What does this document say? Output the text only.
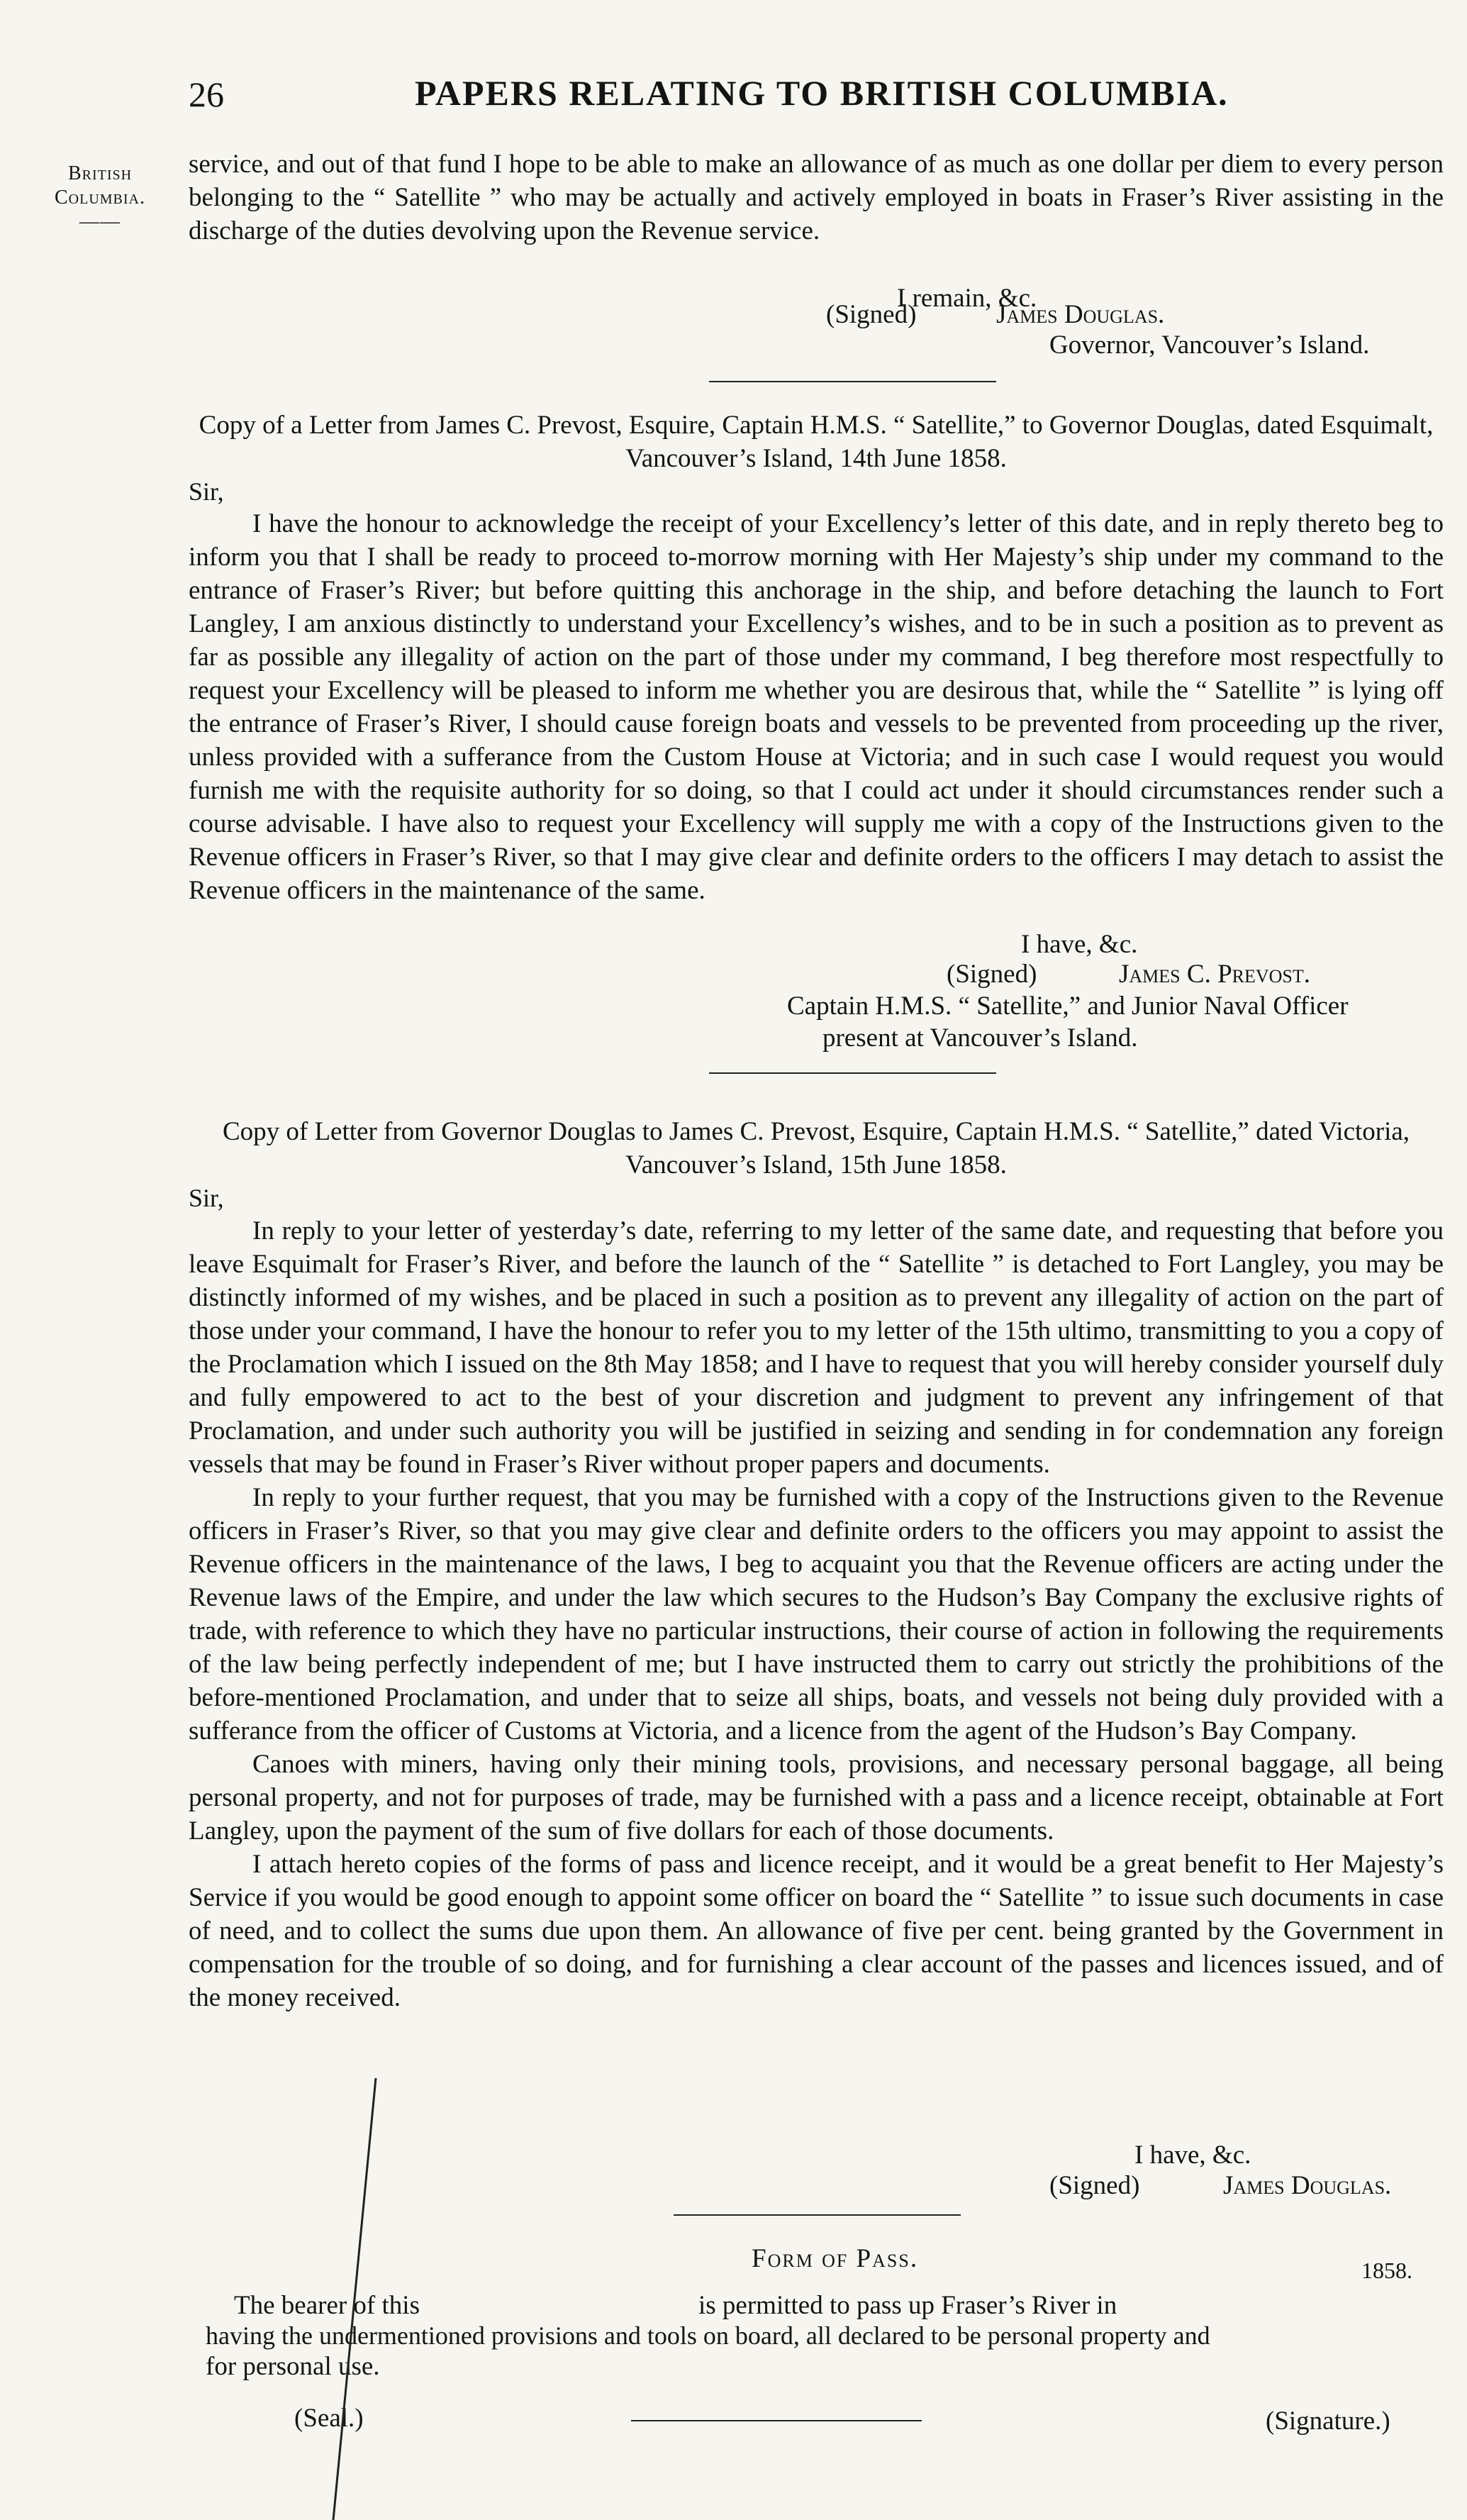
26	PAPERS RELATING TO BRITISH COLUMBIA.
British
Columbia.
——

service, and out of that fund I hope to be able to make an allowance of as much as one dollar per diem to every person belonging to the “ Satellite ” who may be actually and actively employed in boats in Fraser’s River assisting in the discharge of the duties devolving upon the Revenue service.

I remain, &c.
(Signed)	James Douglas.
Governor, Vancouver’s Island.
Copy of a Letter from James C. Prevost, Esquire, Captain H.M.S. “ Satellite,” to Governor Douglas, dated Esquimalt, Vancouver’s Island, 14th June 1858.
Sir,

I have the honour to acknowledge the receipt of your Excellency’s letter of this date, and in reply thereto beg to inform you that I shall be ready to proceed to-morrow morning with Her Majesty’s ship under my command to the entrance of Fraser’s River; but before quitting this anchorage in the ship, and before detaching the launch to Fort Langley, I am anxious distinctly to understand your Excellency’s wishes, and to be in such a position as to prevent as far as possible any illegality of action on the part of those under my command, I beg therefore most respectfully to request your Excellency will be pleased to inform me whether you are desirous that, while the “ Satellite ” is lying off the entrance of Fraser’s River, I should cause foreign boats and vessels to be prevented from proceeding up the river, unless provided with a sufferance from the Custom House at Victoria; and in such case I would request you would furnish me with the requisite authority for so doing, so that I could act under it should circumstances render such a course advisable. I have also to request your Excellency will supply me with a copy of the Instructions given to the Revenue officers in Fraser’s River, so that I may give clear and definite orders to the officers I may detach to assist the Revenue officers in the maintenance of the same.

I have, &c.
(Signed)	James C. Prevost.
Captain H.M.S. “ Satellite,” and Junior Naval Officer
present at Vancouver’s Island.
Copy of Letter from Governor Douglas to James C. Prevost, Esquire, Captain H.M.S. “ Satellite,” dated Victoria, Vancouver’s Island, 15th June 1858.
Sir,

In reply to your letter of yesterday’s date, referring to my letter of the same date, and requesting that before you leave Esquimalt for Fraser’s River, and before the launch of the “ Satellite ” is detached to Fort Langley, you may be distinctly informed of my wishes, and be placed in such a position as to prevent any illegality of action on the part of those under your command, I have the honour to refer you to my letter of the 15th ultimo, transmitting to you a copy of the Proclamation which I issued on the 8th May 1858; and I have to request that you will hereby consider yourself duly and fully empowered to act to the best of your discretion and judgment to prevent any infringement of that Proclamation, and under such authority you will be justified in seizing and sending in for condemnation any foreign vessels that may be found in Fraser’s River without proper papers and documents.

In reply to your further request, that you may be furnished with a copy of the Instructions given to the Revenue officers in Fraser’s River, so that you may give clear and definite orders to the officers you may appoint to assist the Revenue officers in the maintenance of the laws, I beg to acquaint you that the Revenue officers are acting under the Revenue laws of the Empire, and under the law which secures to the Hudson’s Bay Company the exclusive rights of trade, with reference to which they have no particular instructions, their course of action in following the requirements of the law being perfectly independent of me; but I have instructed them to carry out strictly the prohibitions of the before-mentioned Proclamation, and under that to seize all ships, boats, and vessels not being duly provided with a sufferance from the officer of Customs at Victoria, and a licence from the agent of the Hudson’s Bay Company.

Canoes with miners, having only their mining tools, provisions, and necessary personal baggage, all being personal property, and not for purposes of trade, may be furnished with a pass and a licence receipt, obtainable at Fort Langley, upon the payment of the sum of five dollars for each of those documents.

I attach hereto copies of the forms of pass and licence receipt, and it would be a great benefit to Her Majesty’s Service if you would be good enough to appoint some officer on board the “ Satellite ” to issue such documents in case of need, and to collect the sums due upon them. An allowance of five per cent. being granted by the Government in compensation for the trouble of so doing, and for furnishing a clear account of the passes and licences issued, and of the money received.

I have, &c.
(Signed)	James Douglas.
Form of Pass.	1858.
The bearer of this	is permitted to pass up Fraser’s River in
having the undermentioned provisions and tools on board, all declared to be personal property and
for personal use.
(Seal.)	(Signature.)
